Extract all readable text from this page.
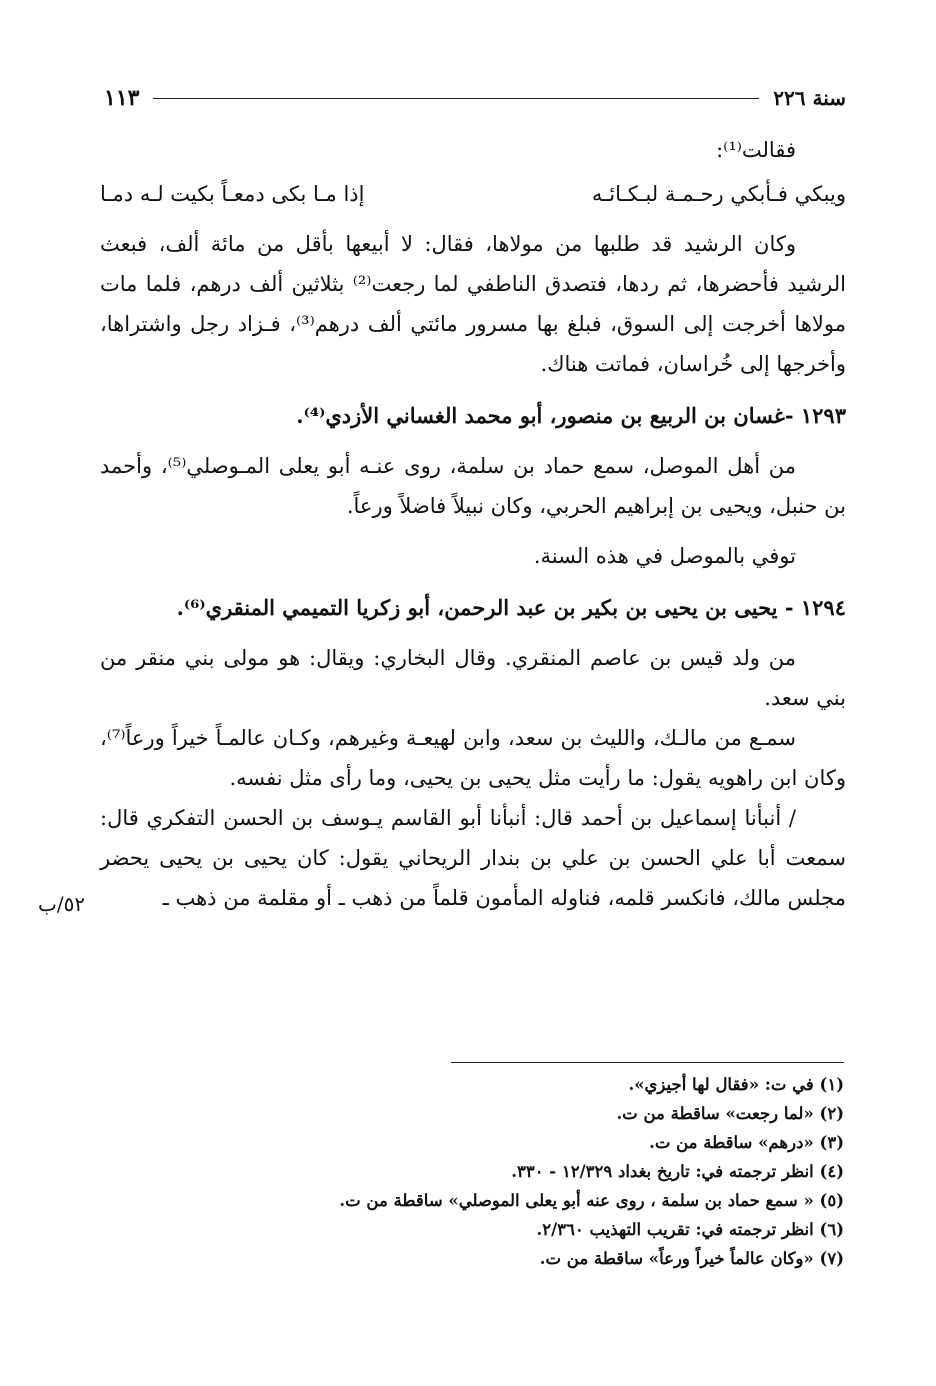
سنة ٢٢٦
١١٣

فقالت⁽¹⁾:

ويبكي فـأبكي رحـمـة لبـكـائـه
إذا مـا بكى دمعـاً بكيت لـه دمـا

وكان الرشيد قد طلبها من مولاها، فقال: لا أبيعها بأقل من مائة ألف، فبعث الرشيد فأحضرها، ثم ردها، فتصدق الناطفي لما رجعت⁽²⁾ بثلاثين ألف درهم، فلما مات مولاها أخرجت إلى السوق، فبلغ بها مسرور مائتي ألف درهم⁽³⁾، فـزاد رجل واشتراها، وأخرجها إلى خُراسان، فماتت هناك.

١٢٩٣ -غسان بن الربيع بن منصور، أبو محمد الغساني الأزدي⁽⁴⁾.

من أهل الموصل، سمع حماد بن سلمة، روى عنـه أبو يعلى المـوصلي⁽⁵⁾، وأحمد بن حنبل، ويحيى بن إبراهيم الحربي، وكان نبيلاً فاضلاً ورعاً.

توفي بالموصل في هذه السنة.

١٢٩٤ - يحيى بن يحيى بن بكير بن عبد الرحمن، أبو زكريا التميمي المنقري⁽⁶⁾.

من ولد قيس بن عاصم المنقري. وقال البخاري: ويقال: هو مولى بني منقر من بني سعد.

سمـع من مالـك، والليث بن سعد، وابن لهيعـة وغيرهم، وكـان عالمـاً خيراً ورعاً⁽⁷⁾، وكان ابن راهويه يقول: ما رأيت مثل يحيى بن يحيى، وما رأى مثل نفسه.

/ أنبأنا إسماعيل بن أحمد قال: أنبأنا أبو القاسم يـوسف بن الحسن التفكري قال: سمعت أبا علي الحسن بن علي بن بندار الريحاني يقول: كان يحيى بن يحيى يحضر مجلس مالك، فانكسر قلمه، فناوله المأمون قلماً من ذهب ـ أو مقلمة من ذهب ـ

٥٢/ب

(١) في ت: «فقال لها أجيزي».

(٢) «لما رجعت» ساقطة من ت.

(٣) «درهم» ساقطة من ت.

(٤) انظر ترجمته في: تاريخ بغداد ١٢/٣٢٩ - ٣٣٠.

(٥) « سمع حماد بن سلمة ، روى عنه أبو يعلى الموصلي» ساقطة من ت.

(٦) انظر ترجمته في: تقريب التهذيب ٢/٣٦٠.

(٧) «وكان عالماً خيراً ورعاً» ساقطة من ت.
